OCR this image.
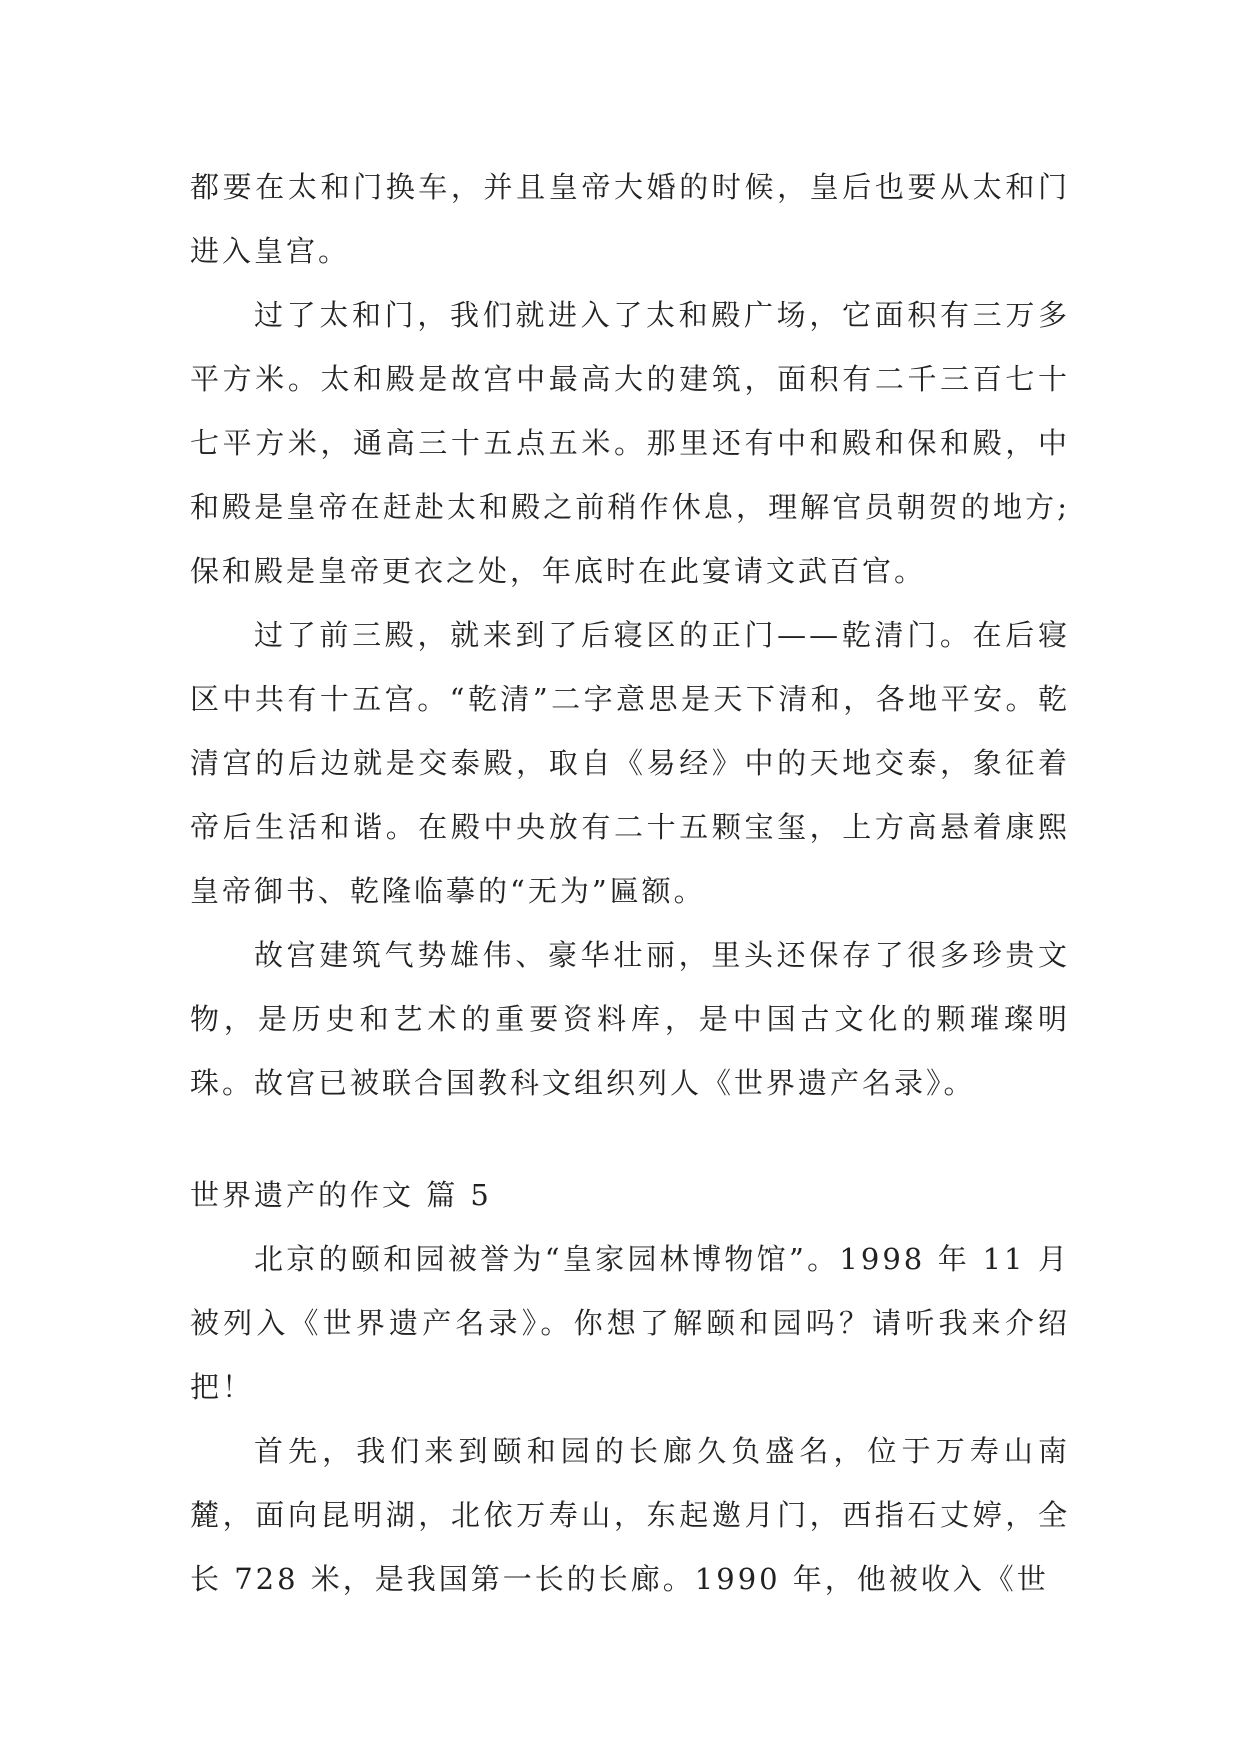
都要在太和门换车，并且皇帝大婚的时候，皇后也要从太和门进入皇宫。

过了太和门，我们就进入了太和殿广场，它面积有三万多平方米。太和殿是故宫中最高大的建筑，面积有二千三百七十七平方米，通高三十五点五米。那里还有中和殿和保和殿，中和殿是皇帝在赶赴太和殿之前稍作休息，理解官员朝贺的地方;保和殿是皇帝更衣之处，年底时在此宴请文武百官。

过了前三殿，就来到了后寝区的正门——乾清门。在后寝区中共有十五宫。“乾清”二字意思是天下清和，各地平安。乾清宫的后边就是交泰殿，取自《易经》中的天地交泰，象征着帝后生活和谐。在殿中央放有二十五颗宝玺，上方高悬着康熙皇帝御书、乾隆临摹的“无为”匾额。

故宫建筑气势雄伟、豪华壮丽，里头还保存了很多珍贵文物，是历史和艺术的重要资料库，是中国古文化的颗璀璨明珠。故宫已被联合国教科文组织列人《世界遗产名录》。

世界遗产的作文 篇 5

北京的颐和园被誉为“皇家园林博物馆”。1998 年 11 月被列入《世界遗产名录》。你想了解颐和园吗？请听我来介绍把！

首先，我们来到颐和园的长廊久负盛名，位于万寿山南麓，面向昆明湖，北依万寿山，东起邀月门，西指石丈婷，全长 728 米，是我国第一长的长廊。1990 年，他被收入《世
